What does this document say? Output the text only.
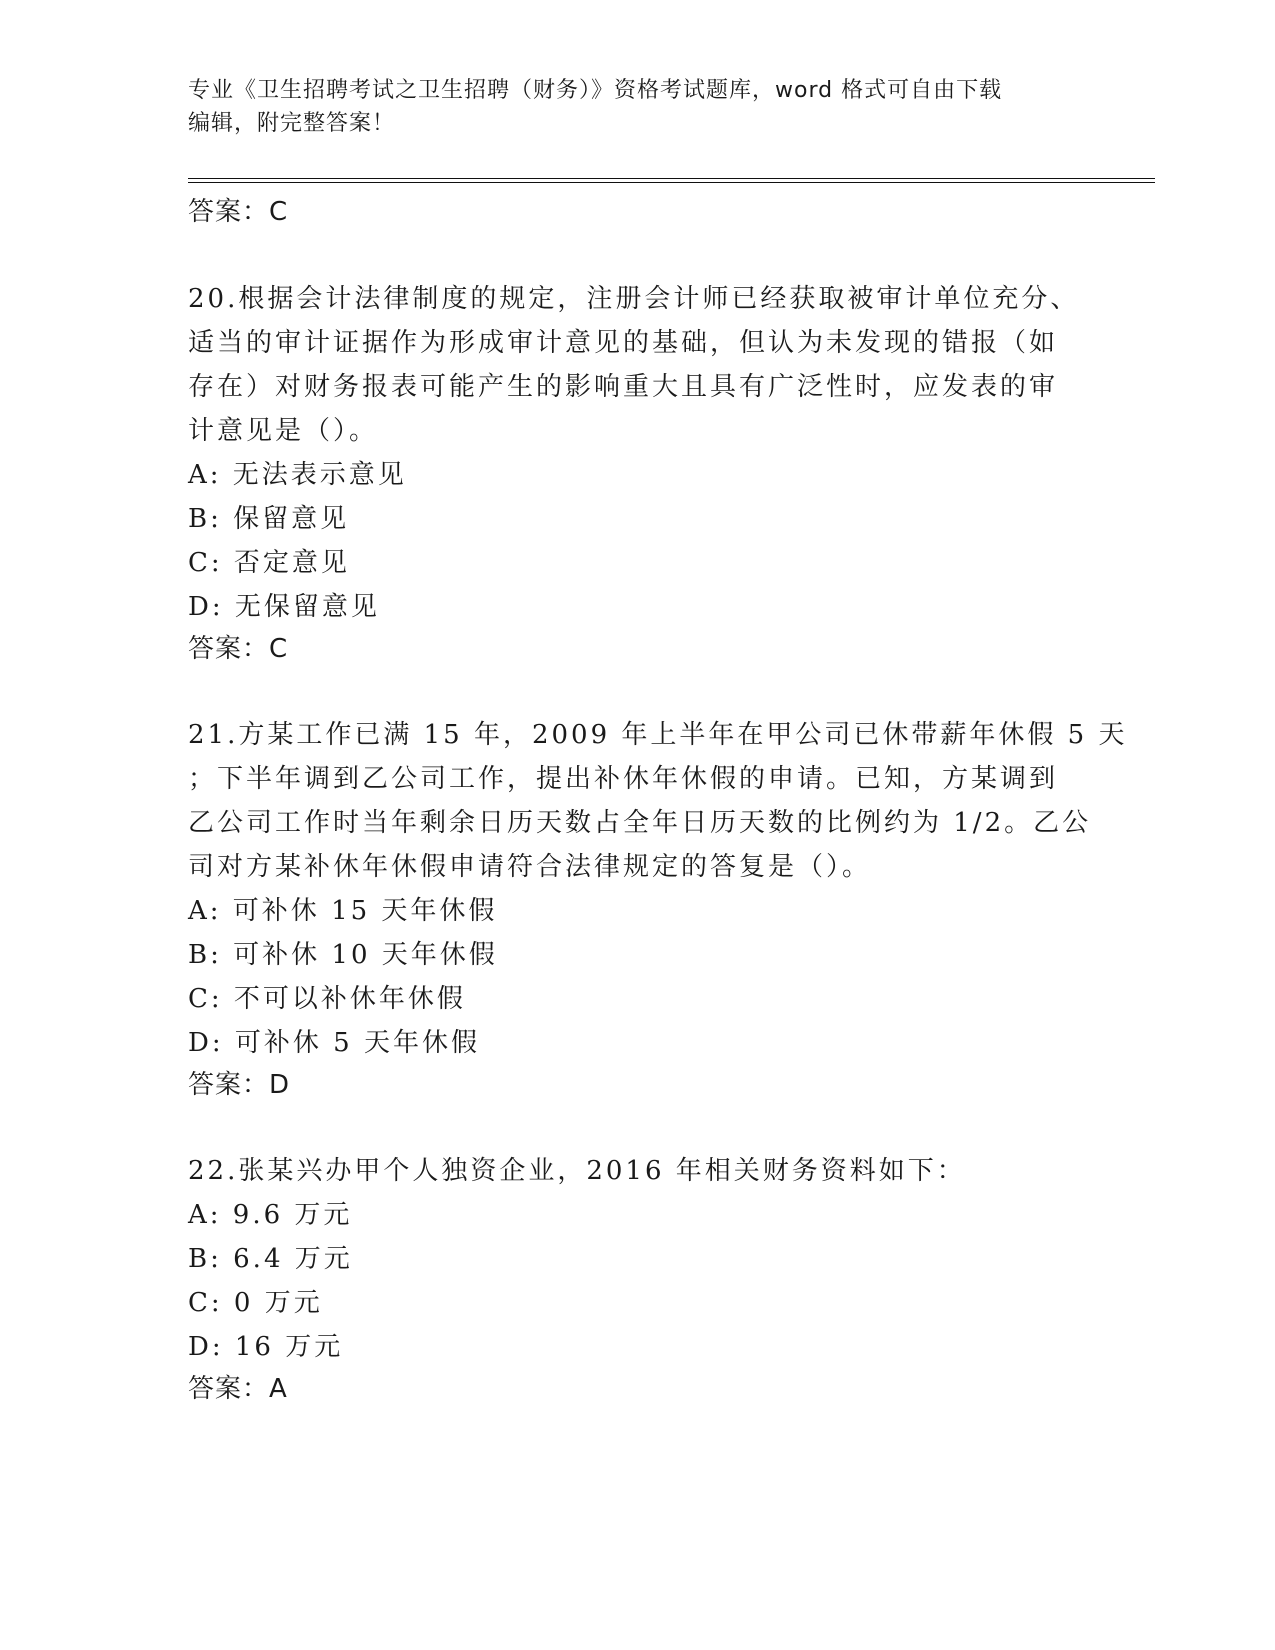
专业《卫生招聘考试之卫生招聘（财务）》资格考试题库，word 格式可自由下载
编辑，附完整答案！
答案：C
20.根据会计法律制度的规定，注册会计师已经获取被审计单位充分、
适当的审计证据作为形成审计意见的基础，但认为未发现的错报（如
存在）对财务报表可能产生的影响重大且具有广泛性时，应发表的审
计意见是（）。
A: 无法表示意见
B: 保留意见
C: 否定意见
D: 无保留意见
答案：C
21.方某工作已满 15 年，2009 年上半年在甲公司已休带薪年休假 5 天
；下半年调到乙公司工作，提出补休年休假的申请。已知，方某调到
乙公司工作时当年剩余日历天数占全年日历天数的比例约为 1/2。乙公
司对方某补休年休假申请符合法律规定的答复是（）。
A: 可补休 15 天年休假
B: 可补休 10 天年休假
C: 不可以补休年休假
D: 可补休 5 天年休假
答案：D
22.张某兴办甲个人独资企业，2016 年相关财务资料如下：
A: 9.6 万元
B: 6.4 万元
C: 0 万元
D: 16 万元
答案：A
